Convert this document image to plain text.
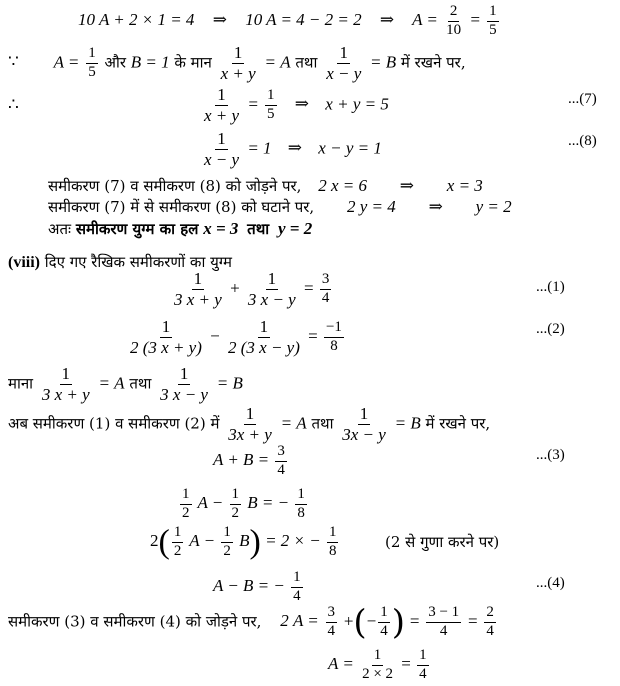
10 A + 2 × 1 = 4 ⇒ 10 A = 4 − 2 = 2 ⇒ $A = \frac{2}{10} = \frac{1}{5}$
∵ $A = \frac{1}{5}$ और B = 1 के मान $\frac{1}{x + y} = A$ तथा $\frac{1}{x - y} = B$ में रखने पर,
∴	$\frac{1}{x + y} = \frac{1}{5}$ ⇒ x + y = 5	...(7)
$\frac{1}{x - y} = 1$ ⇒ x − y = 1	...(8)
समीकरण (7) व समीकरण (8) को जोड़ने पर, 2 x = 6 ⇒ x = 3
समीकरण (7) में से समीकरण (8) को घटाने पर, 2 y = 4 ⇒ y = 2
अतः समीकरण युग्म का हल x = 3 तथा y = 2
(viii) दिए गए रैखिक समीकरणों का युग्म
$\frac{1}{3 x + y} + \frac{1}{3 x - y} = \frac{3}{4}$	...(1)
$\frac{1}{2 (3 x + y)} - \frac{1}{2 (3 x - y)} = \frac{-1}{8}$	...(2)
माना $\frac{1}{3 x + y} = A$ तथा $\frac{1}{3 x - y} = B$
अब समीकरण (1) व समीकरण (2) में $\frac{1}{3x + y} = A$ तथा $\frac{1}{3x - y} = B$ में रखने पर,
$A + B = \frac{3}{4}$	...(3)
$\frac{1}{2}$ $A - \frac{1}{2}$ B = − $\frac{1}{8}$
$2( \frac{1}{2}$ $A - \frac{1}{2} B) = 2$ × − $\frac{1}{8}$	(2 से गुणा करने पर)
A − B = − $\frac{1}{4}$	...(4)
समीकरण (3) व समीकरण (4) को जोड़ने पर, 2 $A = \frac{3}{4}$ +(− $\frac{1}{4}$ ) = $\frac{3 - 1}{4} = \frac{2}{4}$
$A = \frac{1}{2 \times 2} = \frac{1}{4}$
